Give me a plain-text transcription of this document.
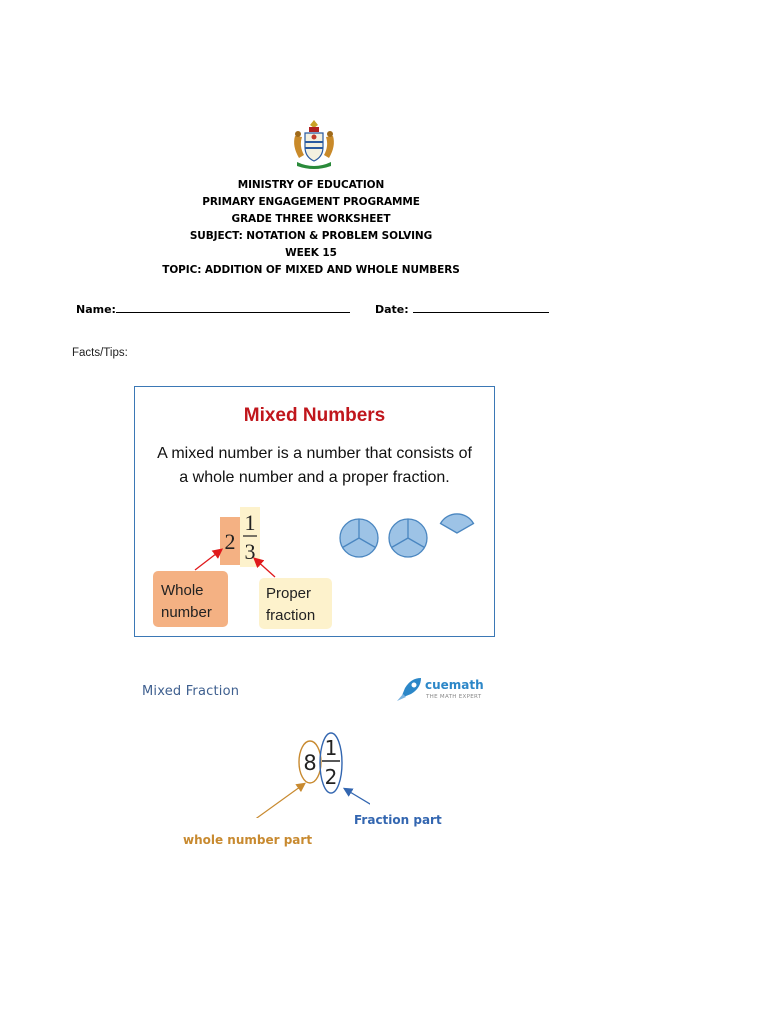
MINISTRY OF EDUCATION
PRIMARY ENGAGEMENT PROGRAMME
GRADE THREE WORKSHEET
SUBJECT: NOTATION & PROBLEM SOLVING
WEEK 15
TOPIC: ADDITION OF MIXED AND WHOLE NUMBERS
Name:	Date:
Facts/Tips:
Mixed Numbers
A mixed number is a number that consists of
a whole number and a proper fraction.
2
1
3
Whole
number
Proper
fraction
Mixed Fraction	cuemath
THE MATH EXPERT
8
1
2
Fraction part
whole number part
